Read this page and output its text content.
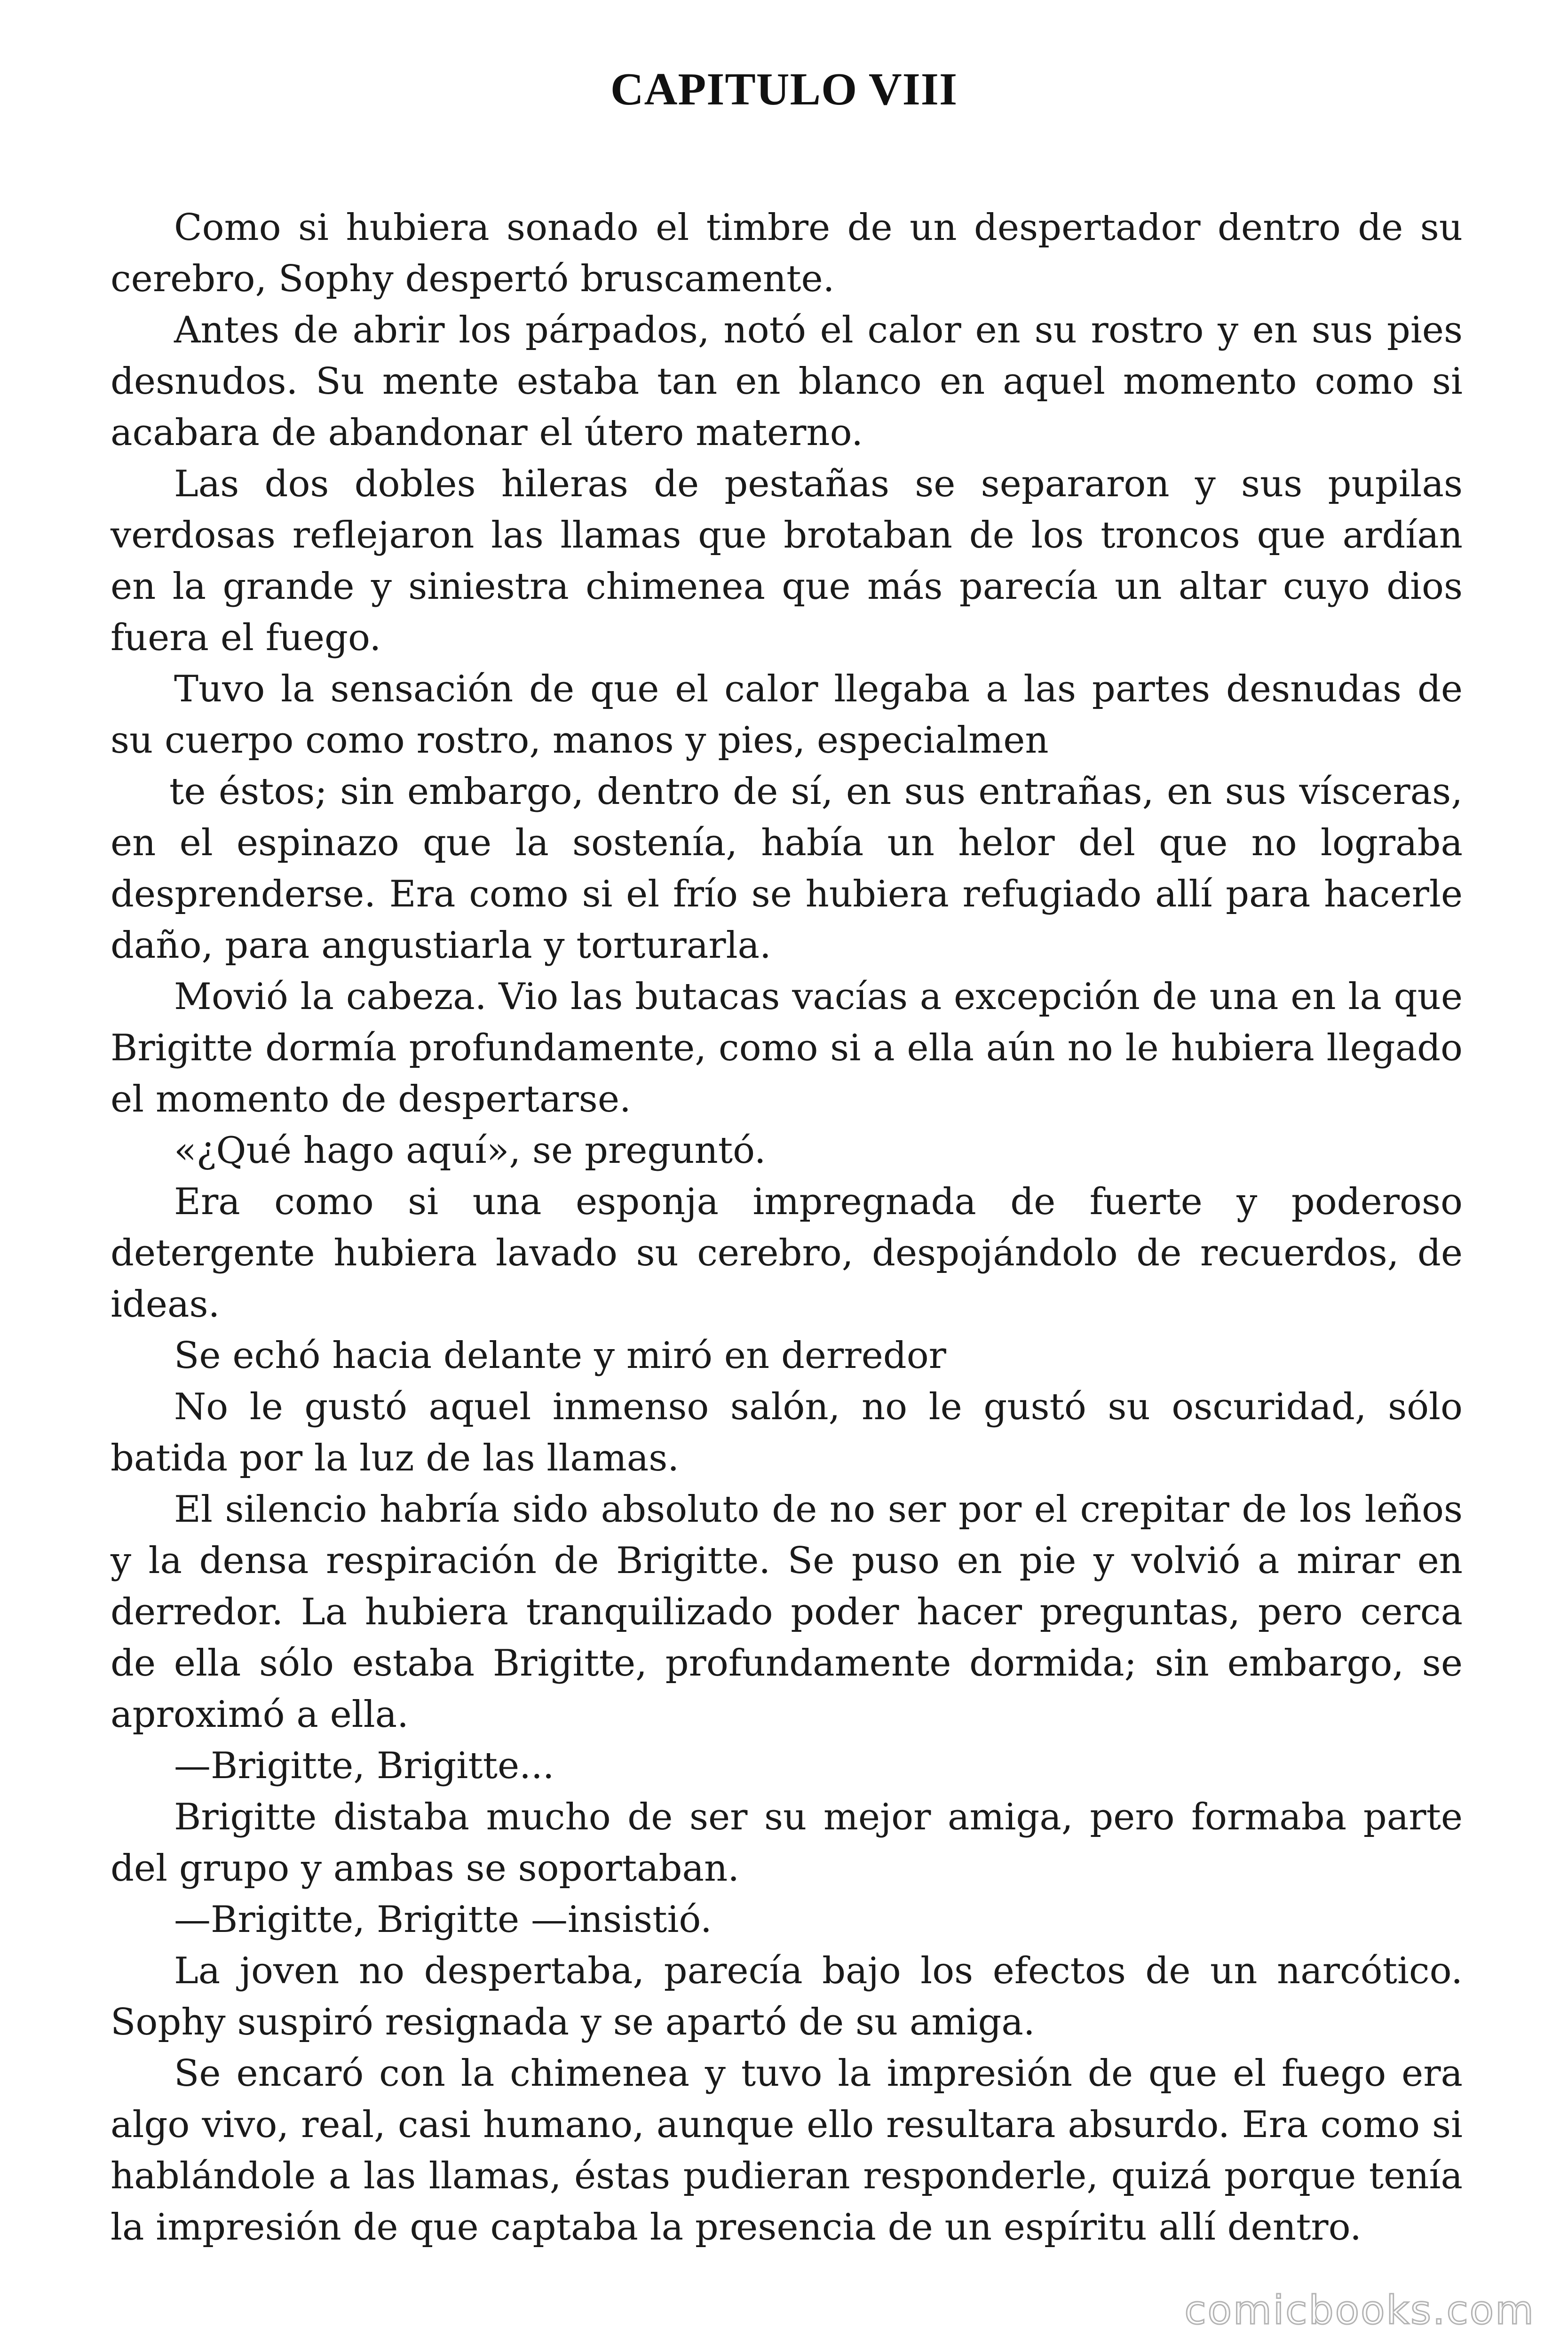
CAPITULO VIII

Como si hubiera sonado el timbre de un despertador dentro de su cerebro, Sophy despertó bruscamente.

Antes de abrir los párpados, notó el calor en su rostro y en sus pies desnudos. Su mente estaba tan en blanco en aquel momento como si acabara de abandonar el útero materno.

Las dos dobles hileras de pestañas se separaron y sus pupilas verdosas reflejaron las llamas que brotaban de los troncos que ardían en la grande y siniestra chimenea que más parecía un altar cuyo dios fuera el fuego.

Tuvo la sensación de que el calor llegaba a las partes desnudas de su cuerpo como rostro, manos y pies, especialmen

te éstos; sin embargo, dentro de sí, en sus entrañas, en sus vísceras, en el espinazo que la sostenía, había un helor del que no lograba desprenderse. Era como si el frío se hubiera refugiado allí para hacerle daño, para angustiarla y torturarla.

Movió la cabeza. Vio las butacas vacías a excepción de una en la que Brigitte dormía profundamente, como si a ella aún no le hubiera llegado el momento de despertarse.

«¿Qué hago aquí», se preguntó.

Era como si una esponja impregnada de fuerte y poderoso detergente hubiera lavado su cerebro, despojándolo de recuerdos, de ideas.

Se echó hacia delante y miró en derredor

No le gustó aquel inmenso salón, no le gustó su oscuridad, sólo batida por la luz de las llamas.

El silencio habría sido absoluto de no ser por el crepitar de los leños y la densa respiración de Brigitte. Se puso en pie y volvió a mirar en derredor. La hubiera tranquilizado poder hacer preguntas, pero cerca de ella sólo estaba Brigitte, profundamente dormida; sin embargo, se aproximó a ella.

—Brigitte, Brigitte...

Brigitte distaba mucho de ser su mejor amiga, pero formaba parte del grupo y ambas se soportaban.

—Brigitte, Brigitte —insistió.

La joven no despertaba, parecía bajo los efectos de un narcótico. Sophy suspiró resignada y se apartó de su amiga.

Se encaró con la chimenea y tuvo la impresión de que el fuego era algo vivo, real, casi humano, aunque ello resultara absurdo. Era como si hablándole a las llamas, éstas pudieran responderle, quizá porque tenía la impresión de que captaba la presencia de un espíritu allí dentro.

comicbooks.com
